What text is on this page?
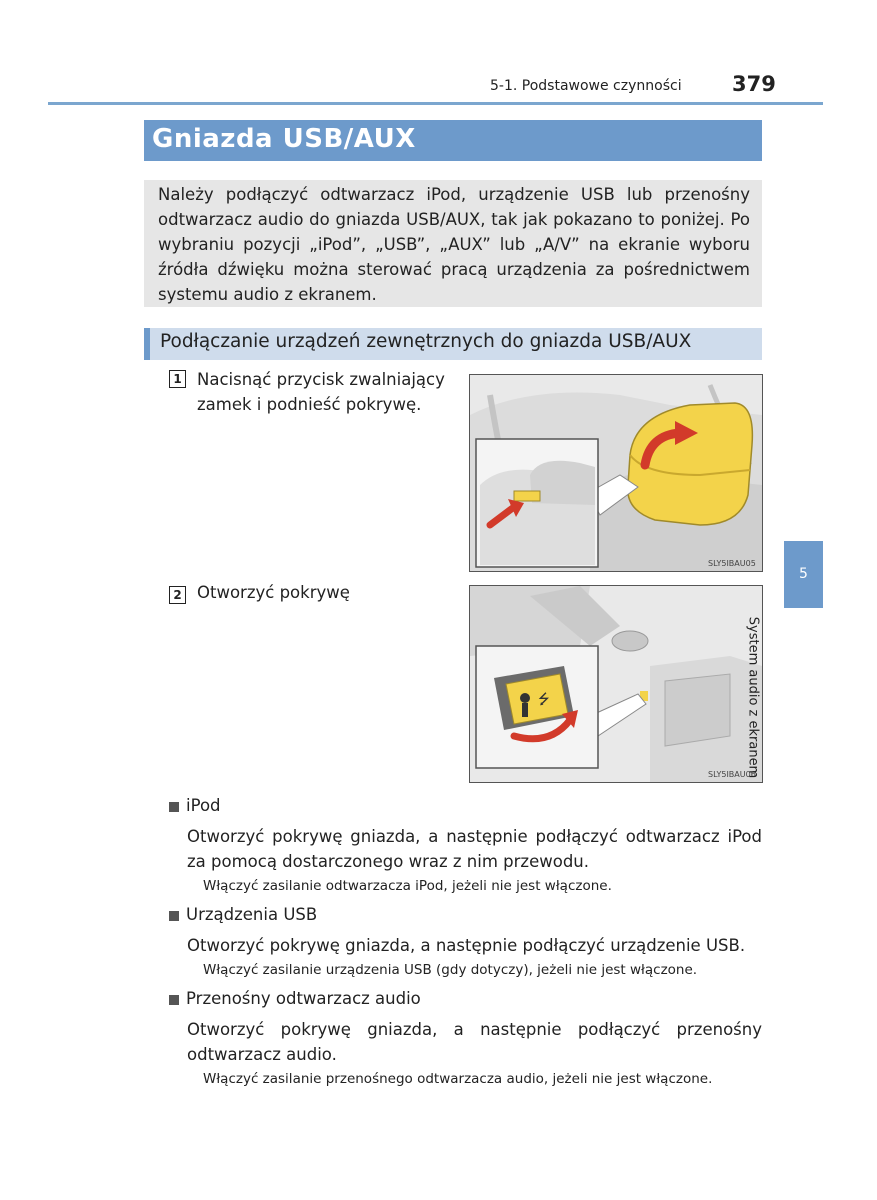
5-1. Podstawowe czynności 379
Gniazda USB/AUX
Należy podłączyć odtwarzacz iPod, urządzenie USB lub przenośny odtwarzacz audio do gniazda USB/AUX, tak jak pokazano to poniżej. Po wybraniu pozycji „iPod”, „USB”, „AUX” lub „A/V” na ekranie wyboru źródła dźwięku można sterować pracą urządzenia za pośrednictwem systemu audio z ekranem.
Podłączanie urządzeń zewnętrznych do gniazda USB/AUX
1 Nacisnąć przycisk zwalniający zamek i podnieść pokrywę.
SLY5IBAU05
2 Otworzyć pokrywę
⭍
SLY5IBAU06
5
System audio z ekranem
iPod
Otworzyć pokrywę gniazda, a następnie podłączyć odtwarzacz iPod za pomocą dostarczonego wraz z nim przewodu.
Włączyć zasilanie odtwarzacza iPod, jeżeli nie jest włączone.
Urządzenia USB
Otworzyć pokrywę gniazda, a następnie podłączyć urządzenie USB.
Włączyć zasilanie urządzenia USB (gdy dotyczy), jeżeli nie jest włączone.
Przenośny odtwarzacz audio
Otworzyć pokrywę gniazda, a następnie podłączyć przenośny odtwarzacz audio.
Włączyć zasilanie przenośnego odtwarzacza audio, jeżeli nie jest włączone.
